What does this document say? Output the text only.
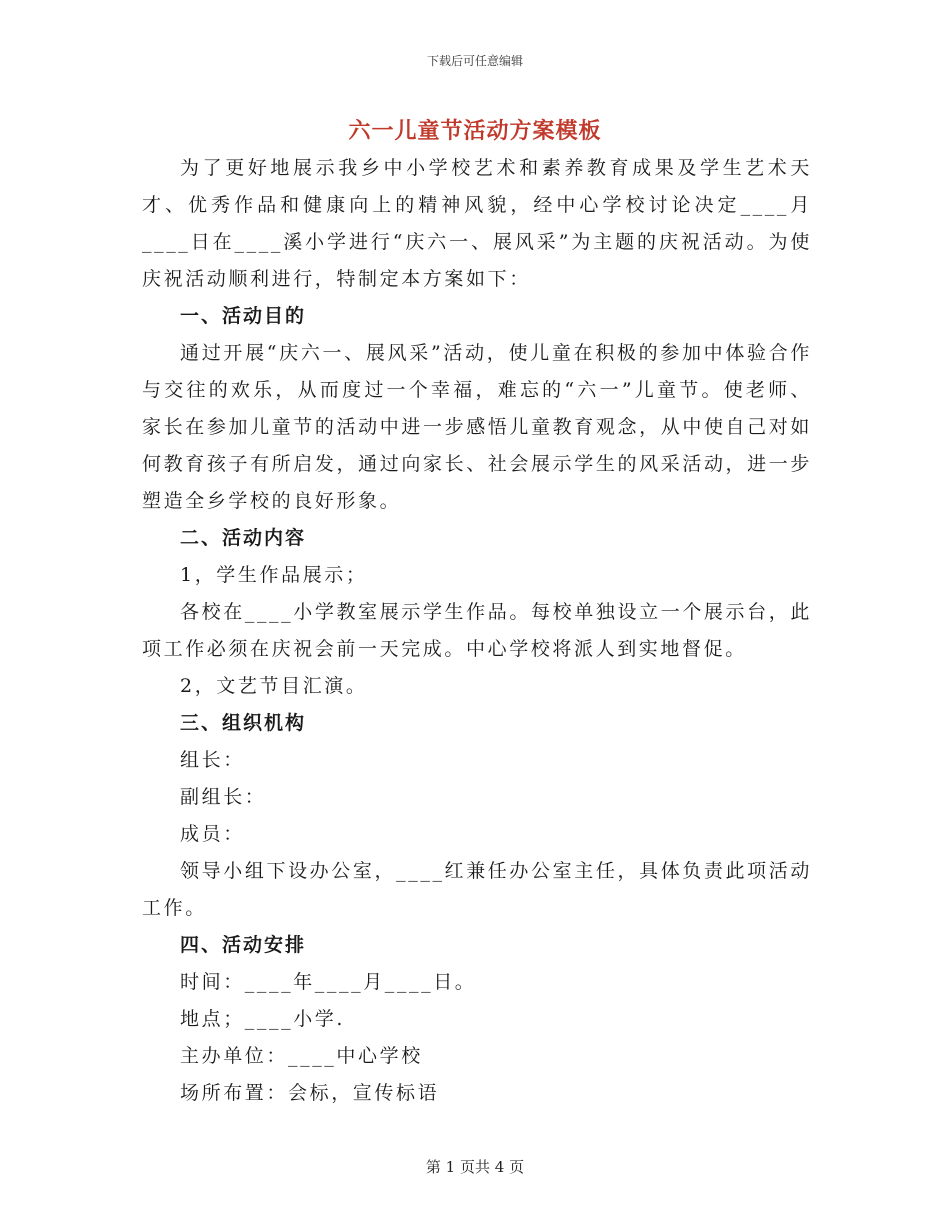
下载后可任意编辑
六一儿童节活动方案模板

为了更好地展示我乡中小学校艺术和素养教育成果及学生艺术天才、优秀作品和健康向上的精神风貌，经中心学校讨论决定____月____日在____溪小学进行“庆六一、展风采”为主题的庆祝活动。为使庆祝活动顺利进行，特制定本方案如下：

一、活动目的

通过开展“庆六一、展风采”活动，使儿童在积极的参加中体验合作与交往的欢乐，从而度过一个幸福，难忘的“六一”儿童节。使老师、家长在参加儿童节的活动中进一步感悟儿童教育观念，从中使自己对如何教育孩子有所启发，通过向家长、社会展示学生的风采活动，进一步塑造全乡学校的良好形象。

二、活动内容

1，学生作品展示；

各校在____小学教室展示学生作品。每校单独设立一个展示台，此项工作必须在庆祝会前一天完成。中心学校将派人到实地督促。

2，文艺节目汇演。

三、组织机构

组长：

副组长：

成员：

领导小组下设办公室，____红兼任办公室主任，具体负责此项活动工作。

四、活动安排

时间：____年____月____日。

地点；____小学.

主办单位：____中心学校

场所布置：会标，宣传标语

第 1 页共 4 页
